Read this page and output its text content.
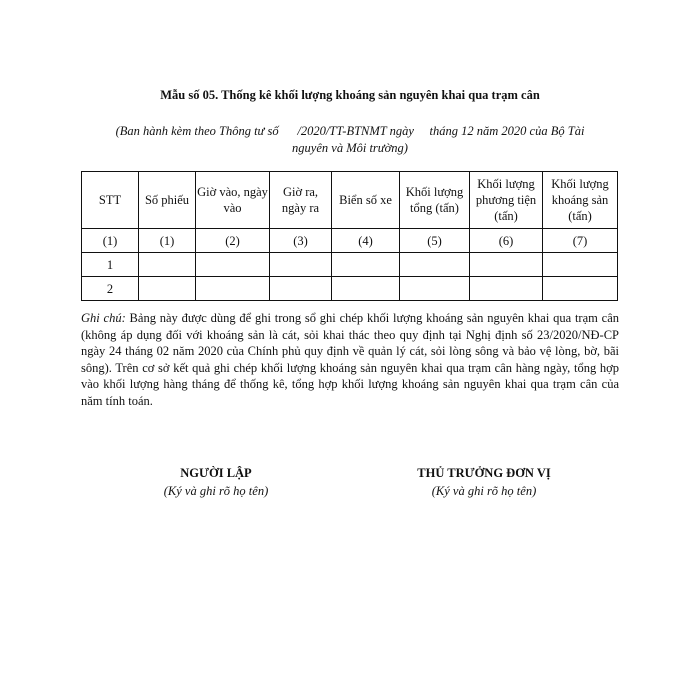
Mẫu số 05. Thống kê khối lượng khoáng sản nguyên khai qua trạm cân
(Ban hành kèm theo Thông tư số      /2020/TT-BTNMT ngày     tháng 12 năm 2020 của Bộ Tài
nguyên và Môi trường)
STT	Số phiếu	Giờ vào, ngày vào	Giờ ra, ngày ra	Biển số xe	Khối lượng tổng (tấn)	Khối lượng phương tiện (tấn)	Khối lượng khoáng sản (tấn)
(1)	(1)	(2)	(3)	(4)	(5)	(6)	(7)
1							
2							
Ghi chú: Bảng này được dùng để ghi trong sổ ghi chép khối lượng khoáng sản nguyên khai qua trạm cân (không áp dụng đối với khoáng sản là cát, sỏi khai thác theo quy định tại Nghị định số 23/2020/NĐ-CP ngày 24 tháng 02 năm 2020 của Chính phủ quy định về quản lý cát, sỏi lòng sông và bảo vệ lòng, bờ, bãi sông). Trên cơ sở kết quả ghi chép khối lượng khoáng sản nguyên khai qua trạm cân hàng ngày, tổng hợp vào khối lượng hàng tháng để thống kê, tổng hợp khối lượng khoáng sản nguyên khai qua trạm cân của năm tính toán.
NGƯỜI LẬP
(Ký và ghi rõ họ tên)
THỦ TRƯỞNG ĐƠN VỊ
(Ký và ghi rõ họ tên)
